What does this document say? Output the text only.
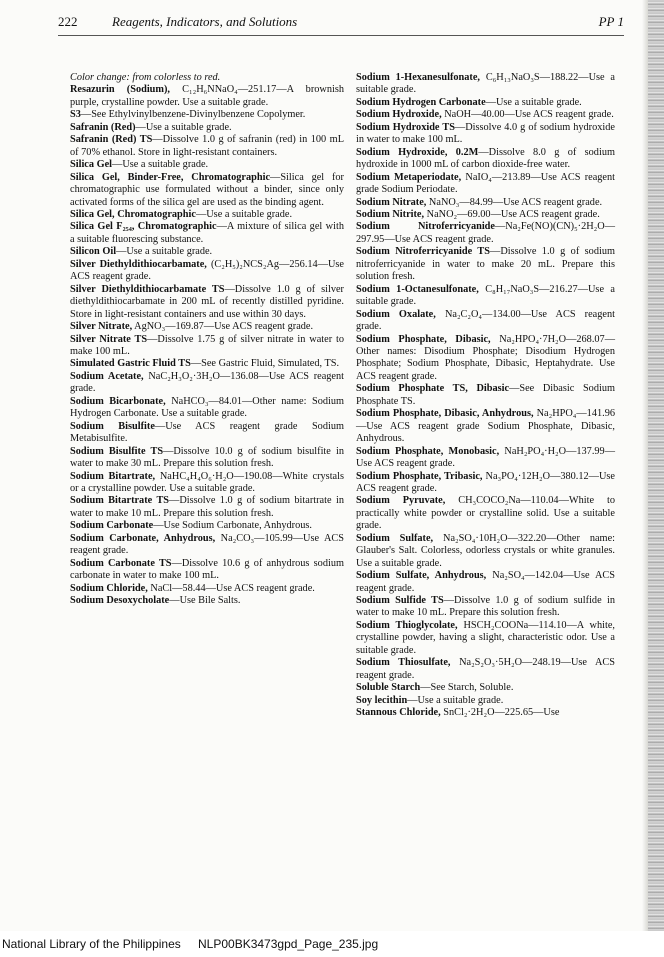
222	Reagents, Indicators, and Solutions	PP 1

Color change: from colorless to red.

Resazurin (Sodium), C₁₂H₆NNaO₄—251.17—A brownish purple, crystalline powder. Use a suitable grade.

S3—See Ethylvinylbenzene-Divinylbenzene Copolymer.

Safranin (Red)—Use a suitable grade.

Safranin (Red) TS—Dissolve 1.0 g of safranin (red) in 100 mL of 70% ethanol. Store in light-resistant containers.

Silica Gel—Use a suitable grade.

Silica Gel, Binder-Free, Chromatographic—Silica gel for chromatographic use formulated without a binder, since only activated forms of the silica gel are used as the binding agent.

Silica Gel, Chromatographic—Use a suitable grade.

Silica Gel F₂₅₄, Chromatographic—A mixture of silica gel with a suitable fluorescing substance.

Silicon Oil—Use a suitable grade.

Silver Diethyldithiocarbamate, (C₂H₅)₂NCS₂Ag—256.14—Use ACS reagent grade.

Silver Diethyldithiocarbamate TS—Dissolve 1.0 g of silver diethyldithiocarbamate in 200 mL of recently distilled pyridine. Store in light-resistant containers and use within 30 days.

Silver Nitrate, AgNO₃—169.87—Use ACS reagent grade.

Silver Nitrate TS—Dissolve 1.75 g of silver nitrate in water to make 100 mL.

Simulated Gastric Fluid TS—See Gastric Fluid, Simulated, TS.

Sodium Acetate, NaC₂H₃O₂·3H₂O—136.08—Use ACS reagent grade.

Sodium Bicarbonate, NaHCO₃—84.01—Other name: Sodium Hydrogen Carbonate. Use a suitable grade.

Sodium Bisulfite—Use ACS reagent grade Sodium Metabisulfite.

Sodium Bisulfite TS—Dissolve 10.0 g of sodium bisulfite in water to make 30 mL. Prepare this solution fresh.

Sodium Bitartrate, NaHC₄H₄O₆·H₂O—190.08—White crystals or a crystalline powder. Use a suitable grade.

Sodium Bitartrate TS—Dissolve 1.0 g of sodium bitartrate in water to make 10 mL. Prepare this solution fresh.

Sodium Carbonate—Use Sodium Carbonate, Anhydrous.

Sodium Carbonate, Anhydrous, Na₂CO₃—105.99—Use ACS reagent grade.

Sodium Carbonate TS—Dissolve 10.6 g of anhydrous sodium carbonate in water to make 100 mL.

Sodium Chloride, NaCl—58.44—Use ACS reagent grade.

Sodium Desoxycholate—Use Bile Salts.

Sodium 1-Hexanesulfonate, C₆H₁₃NaO₃S—188.22—Use a suitable grade.

Sodium Hydrogen Carbonate—Use a suitable grade.

Sodium Hydroxide, NaOH—40.00—Use ACS reagent grade.

Sodium Hydroxide TS—Dissolve 4.0 g of sodium hydroxide in water to make 100 mL.

Sodium Hydroxide, 0.2M—Dissolve 8.0 g of sodium hydroxide in 1000 mL of carbon dioxide-free water.

Sodium Metaperiodate, NaIO₄—213.89—Use ACS reagent grade Sodium Periodate.

Sodium Nitrate, NaNO₃—84.99—Use ACS reagent grade.

Sodium Nitrite, NaNO₂—69.00—Use ACS reagent grade.

Sodium Nitroferricyanide—Na₂Fe(NO)(CN)₅·2H₂O—297.95—Use ACS reagent grade.

Sodium Nitroferricyanide TS—Dissolve 1.0 g of sodium nitroferricyanide in water to make 20 mL. Prepare this solution fresh.

Sodium 1-Octanesulfonate, C₈H₁₇NaO₃S—216.27—Use a suitable grade.

Sodium Oxalate, Na₂C₂O₄—134.00—Use ACS reagent grade.

Sodium Phosphate, Dibasic, Na₂HPO₄·7H₂O—268.07—Other names: Disodium Phosphate; Disodium Hydrogen Phosphate; Sodium Phosphate, Dibasic, Heptahydrate. Use ACS reagent grade.

Sodium Phosphate TS, Dibasic—See Dibasic Sodium Phosphate TS.

Sodium Phosphate, Dibasic, Anhydrous, Na₂HPO₄—141.96—Use ACS reagent grade Sodium Phosphate, Dibasic, Anhydrous.

Sodium Phosphate, Monobasic, NaH₂PO₄·H₂O—137.99—Use ACS reagent grade.

Sodium Phosphate, Tribasic, Na₃PO₄·12H₂O—380.12—Use ACS reagent grade.

Sodium Pyruvate, CH₃COCO₂Na—110.04—White to practically white powder or crystalline solid. Use a suitable grade.

Sodium Sulfate, Na₂SO₄·10H₂O—322.20—Other name: Glauber's Salt. Colorless, odorless crystals or white granules. Use a suitable grade.

Sodium Sulfate, Anhydrous, Na₂SO₄—142.04—Use ACS reagent grade.

Sodium Sulfide TS—Dissolve 1.0 g of sodium sulfide in water to make 10 mL. Prepare this solution fresh.

Sodium Thioglycolate, HSCH₂COONa—114.10—A white, crystalline powder, having a slight, characteristic odor. Use a suitable grade.

Sodium Thiosulfate, Na₂S₂O₃·5H₂O—248.19—Use ACS reagent grade.

Soluble Starch—See Starch, Soluble.

Soy lecithin—Use a suitable grade.

Stannous Chloride, SnCl₂·2H₂O—225.65—Use

National Library of the Philippines NLP00BK3473gpd_Page_235.jpg
